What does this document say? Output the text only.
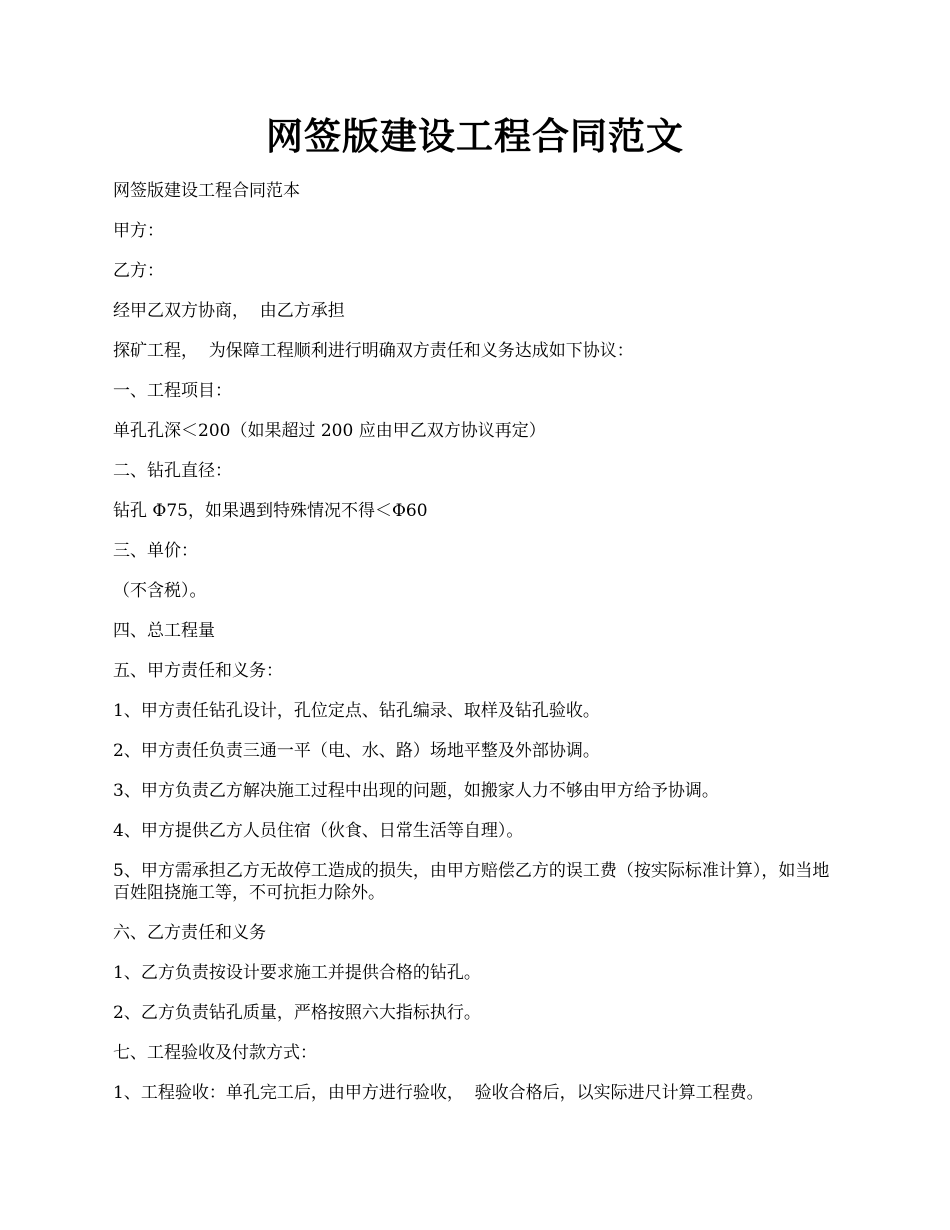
网签版建设工程合同范文

网签版建设工程合同范本

甲方：

乙方：

经甲乙双方协商，  由乙方承担

探矿工程，  为保障工程顺利进行明确双方责任和义务达成如下协议：

一、工程项目：

单孔孔深＜200（如果超过 200 应由甲乙双方协议再定）

二、钻孔直径：

钻孔 Φ75，如果遇到特殊情况不得＜Φ60

三、单价：

（不含税）。

四、总工程量

五、甲方责任和义务：

1、甲方责任钻孔设计，孔位定点、钻孔编录、取样及钻孔验收。

2、甲方责任负责三通一平（电、水、路）场地平整及外部协调。

3、甲方负责乙方解决施工过程中出现的问题，如搬家人力不够由甲方给予协调。

4、甲方提供乙方人员住宿（伙食、日常生活等自理）。

5、甲方需承担乙方无故停工造成的损失，由甲方赔偿乙方的误工费（按实际标准计算），如当地百姓阻挠施工等，不可抗拒力除外。

六、乙方责任和义务

1、乙方负责按设计要求施工并提供合格的钻孔。

2、乙方负责钻孔质量，严格按照六大指标执行。

七、工程验收及付款方式：

1、工程验收：单孔完工后，由甲方进行验收，  验收合格后，以实际进尺计算工程费。
